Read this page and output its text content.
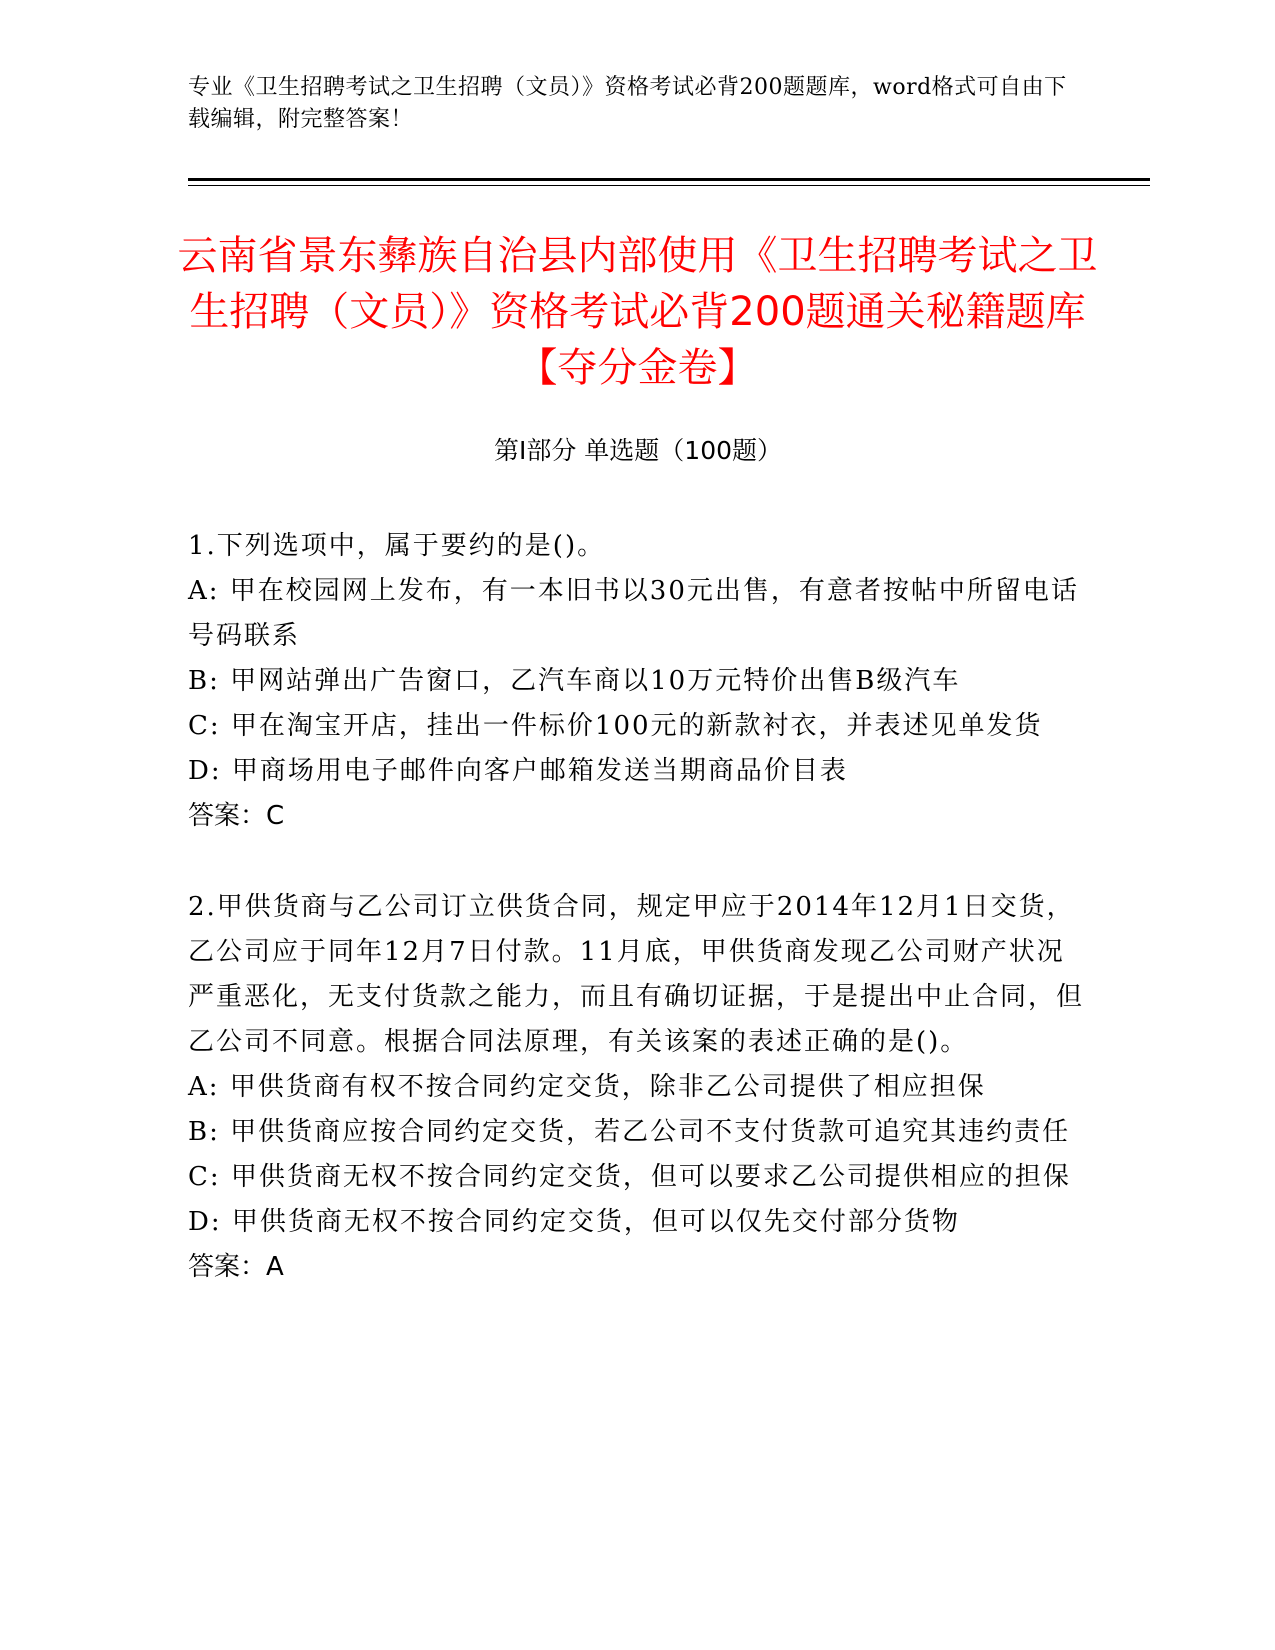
专业《卫生招聘考试之卫生招聘（文员）》资格考试必背200题题库，word格式可自由下载编辑，附完整答案！
云南省景东彝族自治县内部使用《卫生招聘考试之卫生招聘（文员）》资格考试必背200题通关秘籍题库【夺分金卷】
第Ⅰ部分 单选题（100题）

1.下列选项中，属于要约的是()。

A: 甲在校园网上发布，有一本旧书以30元出售，有意者按帖中所留电话号码联系

B: 甲网站弹出广告窗口，乙汽车商以10万元特价出售B级汽车

C: 甲在淘宝开店，挂出一件标价100元的新款衬衣，并表述见单发货

D: 甲商场用电子邮件向客户邮箱发送当期商品价目表

答案：C

2.甲供货商与乙公司订立供货合同，规定甲应于2014年12月1日交货，乙公司应于同年12月7日付款。11月底，甲供货商发现乙公司财产状况严重恶化，无支付货款之能力，而且有确切证据，于是提出中止合同，但乙公司不同意。根据合同法原理，有关该案的表述正确的是()。

A: 甲供货商有权不按合同约定交货，除非乙公司提供了相应担保

B: 甲供货商应按合同约定交货，若乙公司不支付货款可追究其违约责任

C: 甲供货商无权不按合同约定交货，但可以要求乙公司提供相应的担保

D: 甲供货商无权不按合同约定交货，但可以仅先交付部分货物

答案：A
